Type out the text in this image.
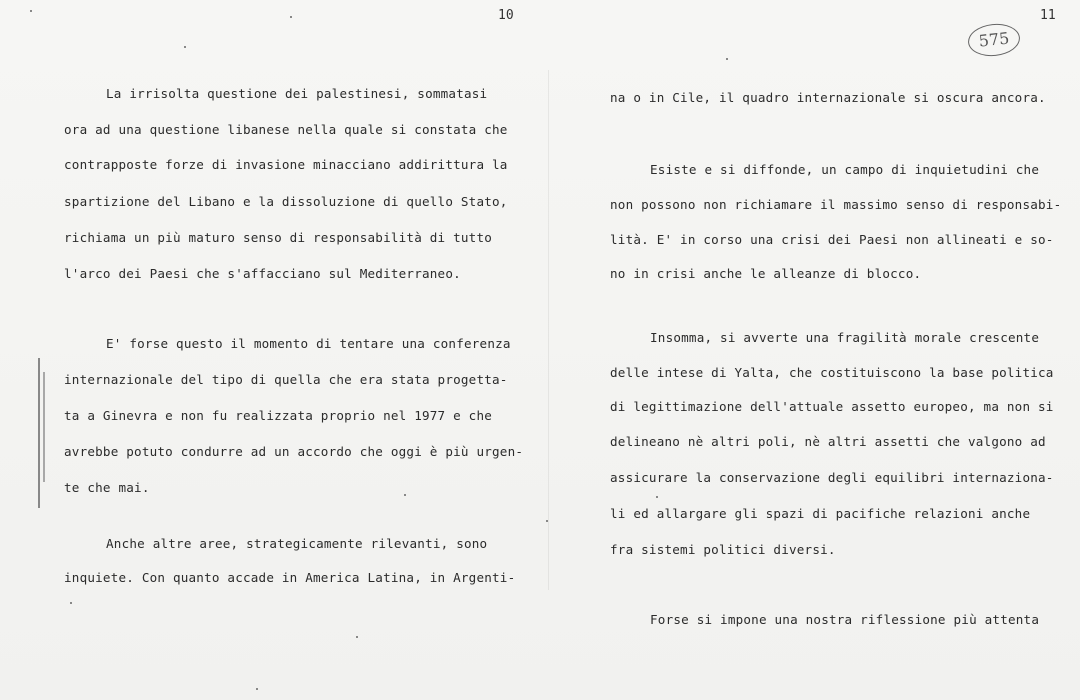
10	11
575
La irrisolta questione dei palestinesi, sommatasi
ora ad una questione libanese nella quale si constata che
contrapposte forze di invasione minacciano addirittura la
spartizione del Libano e la dissoluzione di quello Stato,
richiama un più maturo senso di responsabilità di tutto
l'arco dei Paesi che s'affacciano sul Mediterraneo.
E' forse questo il momento di tentare una conferenza
internazionale del tipo di quella che era stata progetta-
ta a Ginevra e non fu realizzata proprio nel 1977 e che
avrebbe potuto condurre ad un accordo che oggi è più urgen-
te che mai.
Anche altre aree, strategicamente rilevanti, sono
inquiete. Con quanto accade in America Latina, in Argenti-
na o in Cile, il quadro internazionale si oscura ancora.
Esiste e si diffonde, un campo di inquietudini che
non possono non richiamare il massimo senso di responsabi-
lità. E' in corso una crisi dei Paesi non allineati e so-
no in crisi anche le alleanze di blocco.
Insomma, si avverte una fragilità morale crescente
delle intese di Yalta, che costituiscono la base politica
di legittimazione dell'attuale assetto europeo, ma non si
delineano nè altri poli, nè altri assetti che valgono ad
assicurare la conservazione degli equilibri internaziona-
li ed allargare gli spazi di pacifiche relazioni anche
fra sistemi politici diversi.
Forse si impone una nostra riflessione più attenta
